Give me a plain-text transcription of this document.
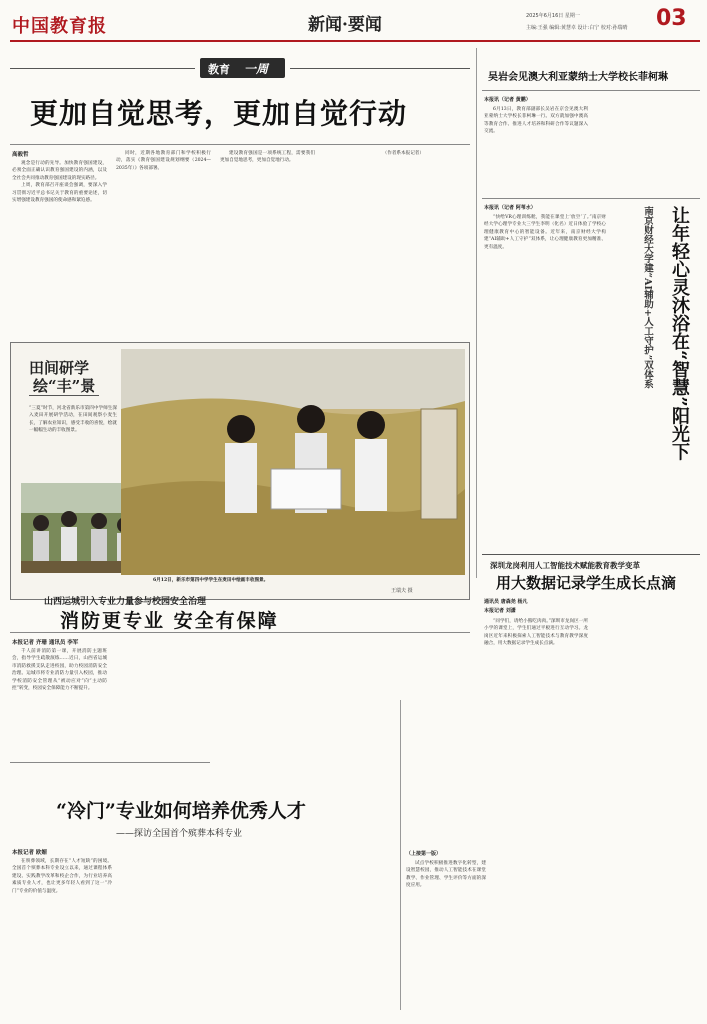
中国教育报	新闻·要闻	2025年6月16日 星期一
主编:王强 编辑:黄慧卓 设计:白宁 校对:孙瑞晴 03
教育 一周
更加自觉思考，更加自觉行动
高毅哲

观念是行动的先导。加快教育强国建设，必须全面正确认识教育强国建设的内涵，以及全社会共同推动教育强国建设的现实路径。

上周，教育部召开座谈会强调，要深入学习贯彻习近平总书记关于教育的重要论述，切实增强建设教育强国的使命感和紧迫感。

同时，近期各地教育部门和学校积极行动，落实《教育强国建设规划纲要（2024—2035年）》各项部署。

建设教育强国是一项系统工程，需要我们更加自觉地思考，更加自觉地行动。

（作者系本报记者）

田间研学
绘“丰”景
“三夏”时节，河北省新乐市第四中学师生深入麦田开展研学活动，在田间观察小麦生长，了解农业知识，感受丰收的喜悦，绘就一幅幅生动的丰收图景。
6月12日，新乐市第四中学学生在麦田中绘画丰收图景。
王瑞夫 摄
山西运城引入专业力量参与校园安全治理
消防更专业 安全有保障
本报记者 齐珊 通讯员 李军
千人前讲消防第一课，开展消防主题班会，指导学生疏散演练……近日，山西省运城市消防救援支队走进校园，助力校园消防安全治理。运城市将专业消防力量引入校园，推动学校消防安全管理从“被动应对”向“主动防控”转变，校园安全保障能力不断提升。
“冷门”专业如何培养优秀人才
——探访全国首个殡葬本科专业
本报记者 欧媚
在殡葬领域，长期存在“人才短缺”的困境。全国首个殡葬本科专业设立以来，通过课程体系建设、实践教学改革和校企合作，为行业培养高素质专业人才，也让更多年轻人看到了这一“冷门”专业的价值与温度。
（上接第一版）
试点学校积极推进数字化转型，建设智慧校园，推动人工智能技术在课堂教学、作业管理、学生评价等方面的深度应用。
吴岩会见澳大利亚蒙纳士大学校长菲柯琳
本报讯（记者 黄鹏）
6月13日，教育部副部长吴岩在京会见澳大利亚蒙纳士大学校长菲柯琳一行。双方就加强中澳高等教育合作、推进人才培养和科研合作等议题深入交流。
本报讯（记者 阿苇水）
“快给VR心理训练舱，我能在课堂上‘放空’了。”南京财经大学心理学专业大三学生李明（化名）近日体验了学校心理健康教育中心的智能设备。近年来，南京财经大学构建“AI辅助+人工守护”双体系，让心理健康教育更加精准、更有温度。	南京财经大学建“AI辅助+人工守护”双体系 让年轻心灵沐浴在“智慧”阳光下
深圳龙岗利用人工智能技术赋能教育教学变革
用大数据记录学生成长点滴
通讯员 唐森尧 杨凡
本报记者 刘潇
“同学们，请给小熊吃肉肉。”深圳市龙岗区一所小学的课堂上，学生们通过平板进行互动学习。龙岗区近年来积极探索人工智能技术与教育教学深度融合，用大数据记录学生成长点滴。
